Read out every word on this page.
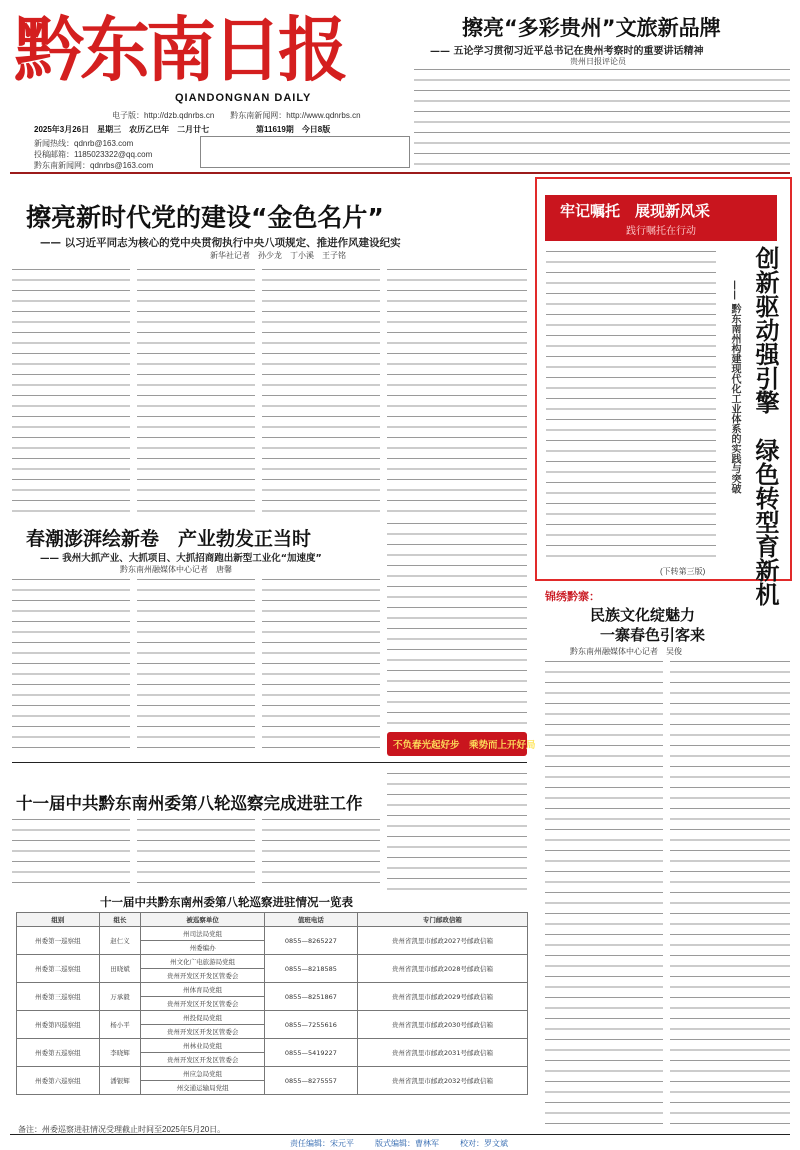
黔东南日报
QIANDONGNAN DAILY
电子版：http://dzb.qdnrbs.cn　　黔东南新闻网：http://www.qdnrbs.cn
2025年3月26日　星期三　农历乙巳年　二月廿七	第11619期　今日8版
新闻热线：qdnrb@163.com
投稿邮箱：1185023322@qq.com
黔东南新闻网：qdnrbs@163.com
擦亮“多彩贵州”文旅新品牌
—— 五论学习贯彻习近平总书记在贵州考察时的重要讲话精神
贵州日报评论员
擦亮新时代党的建设“金色名片”
—— 以习近平同志为核心的党中央贯彻执行中央八项规定、推进作风建设纪实
新华社记者　孙少龙　丁小溪　王子铭
牢记嘱托　展现新风采
践行嘱托在行动
创新驱动强引擎　绿色转型育新机
—— 黔东南州构建现代化工业体系的实践与突破
(下转第三版)
春潮澎湃绘新卷　产业勃发正当时
—— 我州大抓产业、大抓项目、大抓招商跑出新型工业化“加速度”
黔东南州融媒体中心记者　唐馨
不负春光起好步　乘势而上开好局
锦绣黔寨：
民族文化绽魅力
一寨春色引客来
黔东南州融媒体中心记者　吴俊
十一届中共黔东南州委第八轮巡察完成进驻工作
十一届中共黔东南州委第八轮巡察进驻情况一览表
组别	组长	被巡察单位	值班电话	专门邮政信箱
州委第一巡察组	赵仁义	州司法局党组	0855—8265227	贵州省凯里市邮政2027号邮政信箱
		州委编办		
州委第二巡察组	田晓斌	州文化广电旅游局党组	0855—8218585	贵州省凯里市邮政2028号邮政信箱
		贵州开发区开发区管委会		
州委第三巡察组	万承毅	州体育局党组	0855—8251867	贵州省凯里市邮政2029号邮政信箱
		贵州开发区开发区管委会		
州委第四巡察组	杨小平	州投促局党组	0855—7255616	贵州省凯里市邮政2030号邮政信箱
		贵州开发区开发区管委会		
州委第五巡察组	李晓辉	州林业局党组	0855—5419227	贵州省凯里市邮政2031号邮政信箱
		贵州开发区开发区管委会		
州委第六巡察组	潘银辉	州应急局党组	0855—8275557	贵州省凯里市邮政2032号邮政信箱
		州交通运输局党组		
备注：州委巡察进驻情况受理截止时间至2025年5月20日。
责任编辑：宋元平	版式编辑：曹林军	校对：罗文斌
